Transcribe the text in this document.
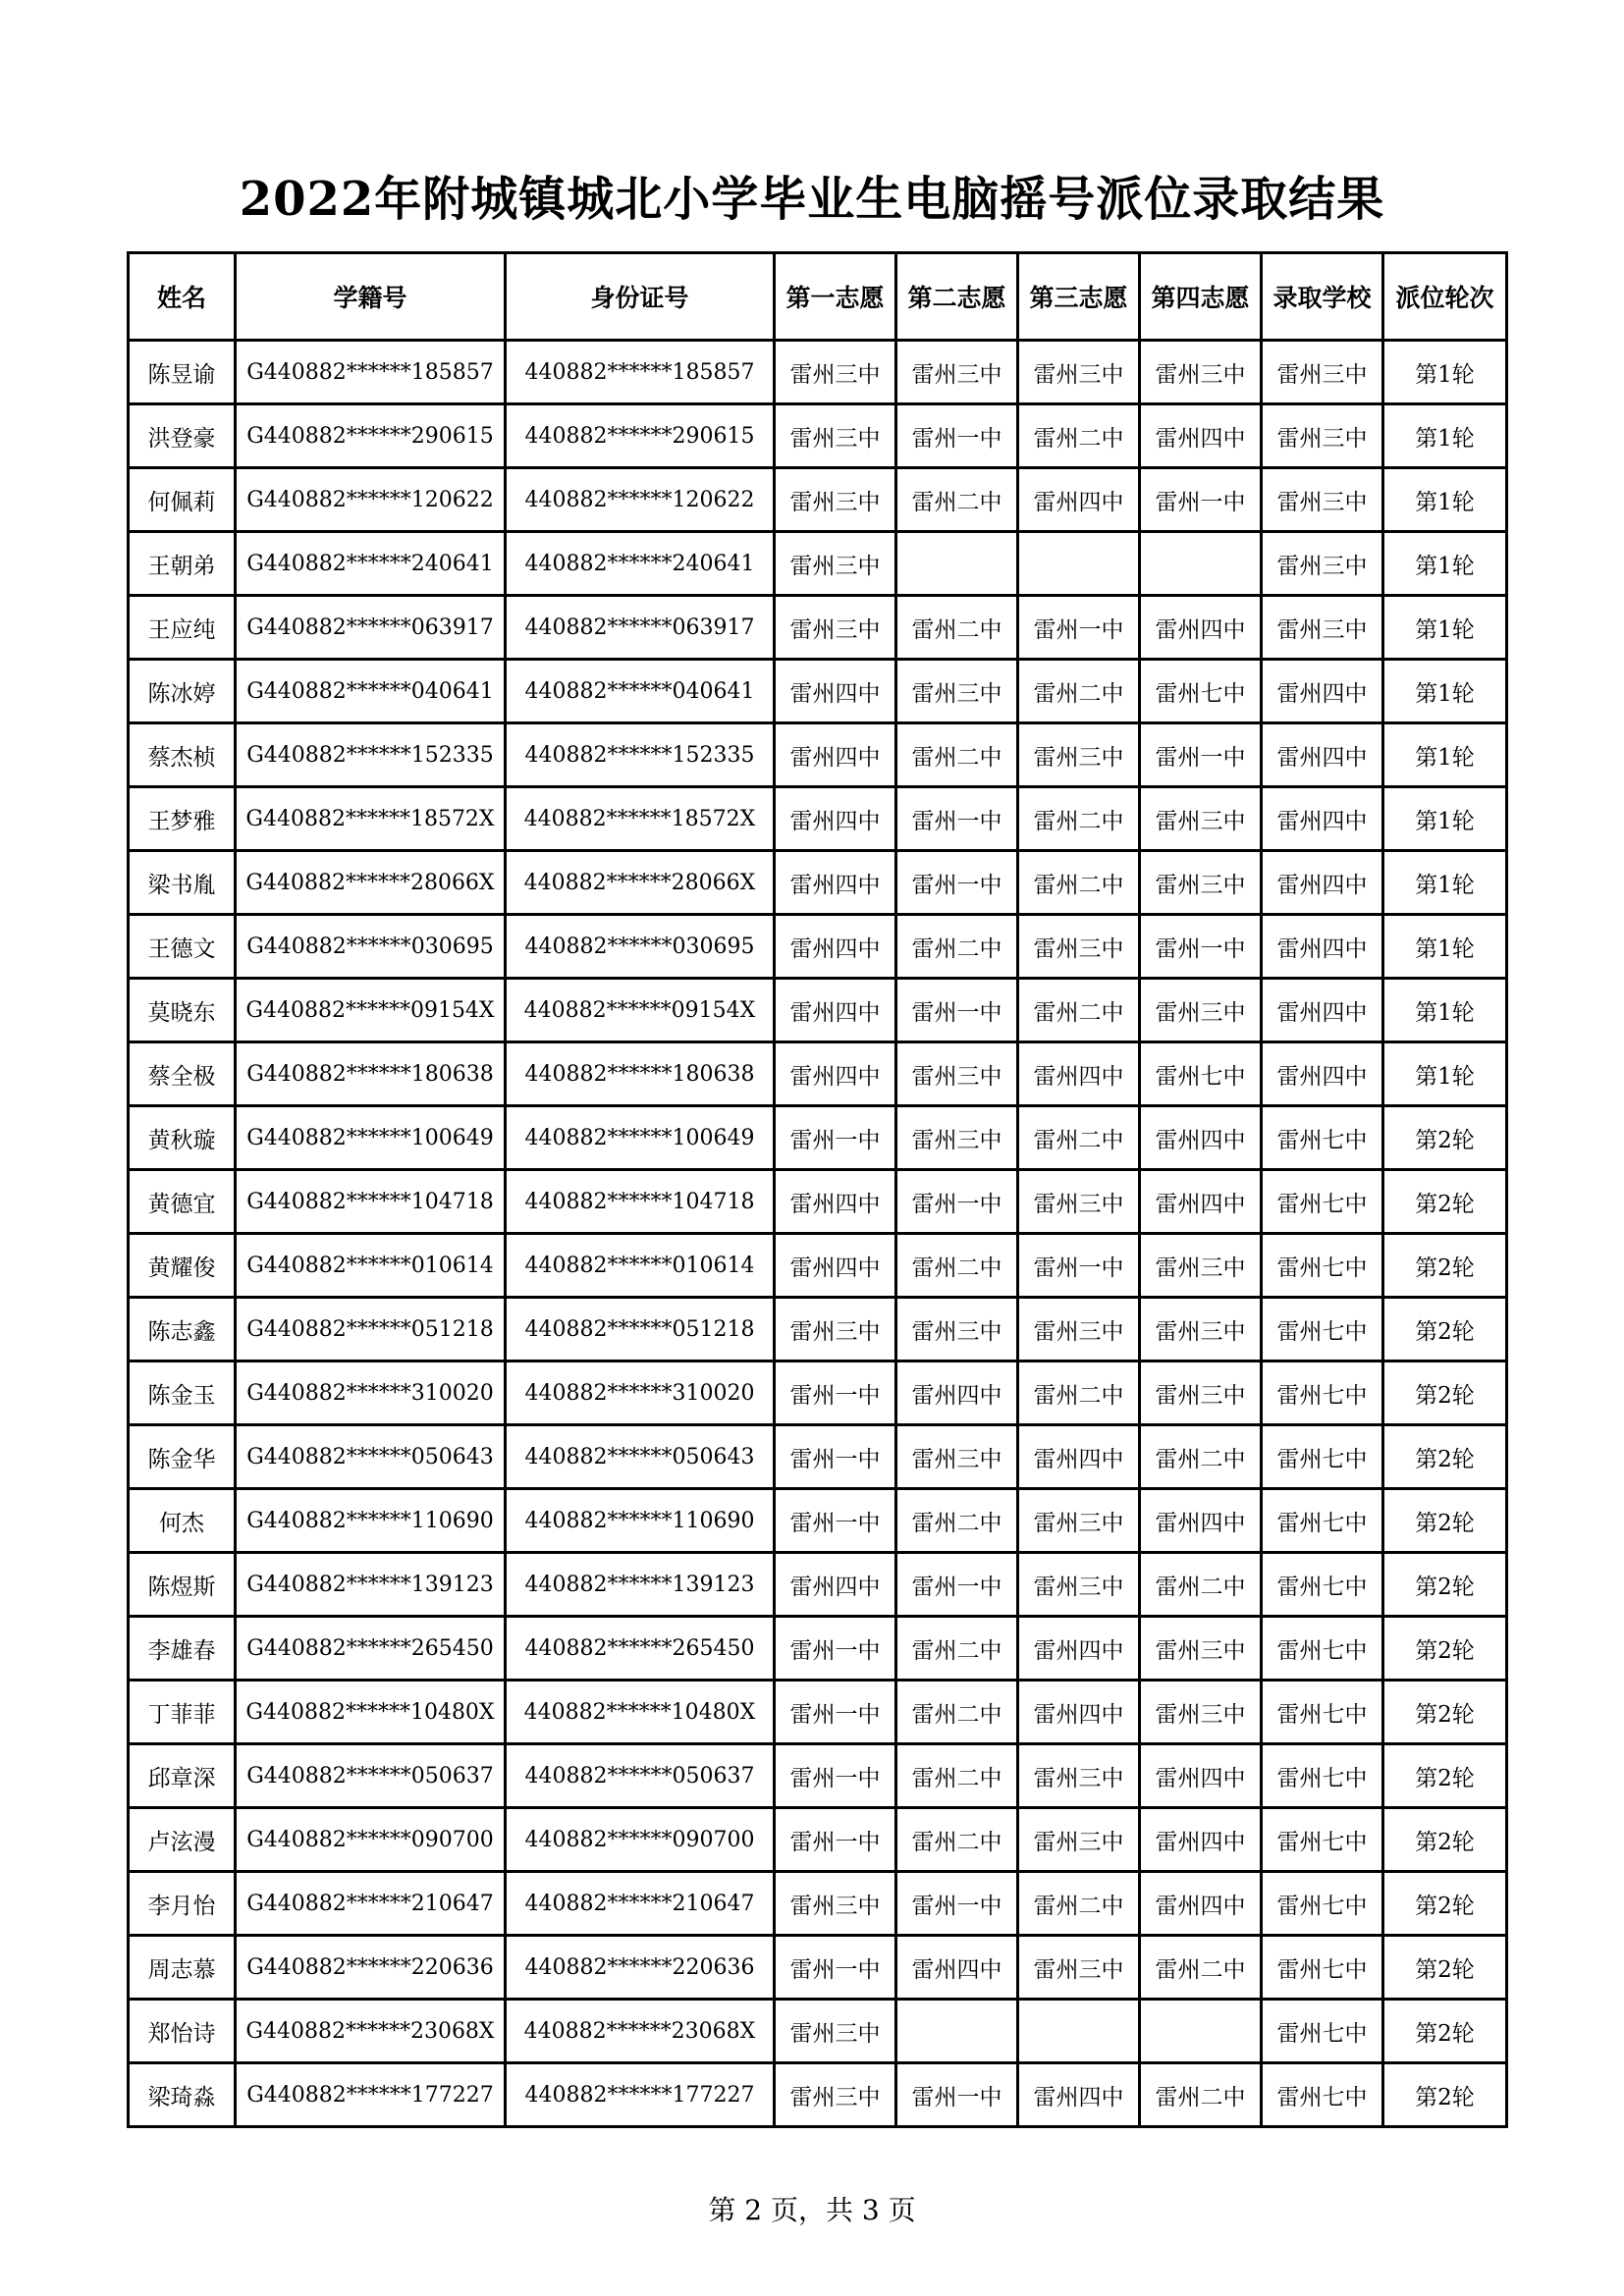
2022年附城镇城北小学毕业生电脑摇号派位录取结果
姓名	学籍号	身份证号	第一志愿	第二志愿	第三志愿	第四志愿	录取学校	派位轮次
陈昱谕	G440882******185857	440882******185857	雷州三中	雷州三中	雷州三中	雷州三中	雷州三中	第1轮
洪登豪	G440882******290615	440882******290615	雷州三中	雷州一中	雷州二中	雷州四中	雷州三中	第1轮
何佩莉	G440882******120622	440882******120622	雷州三中	雷州二中	雷州四中	雷州一中	雷州三中	第1轮
王朝弟	G440882******240641	440882******240641	雷州三中				雷州三中	第1轮
王应纯	G440882******063917	440882******063917	雷州三中	雷州二中	雷州一中	雷州四中	雷州三中	第1轮
陈冰婷	G440882******040641	440882******040641	雷州四中	雷州三中	雷州二中	雷州七中	雷州四中	第1轮
蔡杰桢	G440882******152335	440882******152335	雷州四中	雷州二中	雷州三中	雷州一中	雷州四中	第1轮
王梦雅	G440882******18572X	440882******18572X	雷州四中	雷州一中	雷州二中	雷州三中	雷州四中	第1轮
梁书胤	G440882******28066X	440882******28066X	雷州四中	雷州一中	雷州二中	雷州三中	雷州四中	第1轮
王德文	G440882******030695	440882******030695	雷州四中	雷州二中	雷州三中	雷州一中	雷州四中	第1轮
莫晓东	G440882******09154X	440882******09154X	雷州四中	雷州一中	雷州二中	雷州三中	雷州四中	第1轮
蔡全极	G440882******180638	440882******180638	雷州四中	雷州三中	雷州四中	雷州七中	雷州四中	第1轮
黄秋璇	G440882******100649	440882******100649	雷州一中	雷州三中	雷州二中	雷州四中	雷州七中	第2轮
黄德宜	G440882******104718	440882******104718	雷州四中	雷州一中	雷州三中	雷州四中	雷州七中	第2轮
黄耀俊	G440882******010614	440882******010614	雷州四中	雷州二中	雷州一中	雷州三中	雷州七中	第2轮
陈志鑫	G440882******051218	440882******051218	雷州三中	雷州三中	雷州三中	雷州三中	雷州七中	第2轮
陈金玉	G440882******310020	440882******310020	雷州一中	雷州四中	雷州二中	雷州三中	雷州七中	第2轮
陈金华	G440882******050643	440882******050643	雷州一中	雷州三中	雷州四中	雷州二中	雷州七中	第2轮
何杰	G440882******110690	440882******110690	雷州一中	雷州二中	雷州三中	雷州四中	雷州七中	第2轮
陈煜斯	G440882******139123	440882******139123	雷州四中	雷州一中	雷州三中	雷州二中	雷州七中	第2轮
李雄春	G440882******265450	440882******265450	雷州一中	雷州二中	雷州四中	雷州三中	雷州七中	第2轮
丁菲菲	G440882******10480X	440882******10480X	雷州一中	雷州二中	雷州四中	雷州三中	雷州七中	第2轮
邱章深	G440882******050637	440882******050637	雷州一中	雷州二中	雷州三中	雷州四中	雷州七中	第2轮
卢泫漫	G440882******090700	440882******090700	雷州一中	雷州二中	雷州三中	雷州四中	雷州七中	第2轮
李月怡	G440882******210647	440882******210647	雷州三中	雷州一中	雷州二中	雷州四中	雷州七中	第2轮
周志慕	G440882******220636	440882******220636	雷州一中	雷州四中	雷州三中	雷州二中	雷州七中	第2轮
郑怡诗	G440882******23068X	440882******23068X	雷州三中				雷州七中	第2轮
梁琦淼	G440882******177227	440882******177227	雷州三中	雷州一中	雷州四中	雷州二中	雷州七中	第2轮
第 2 页，共 3 页
